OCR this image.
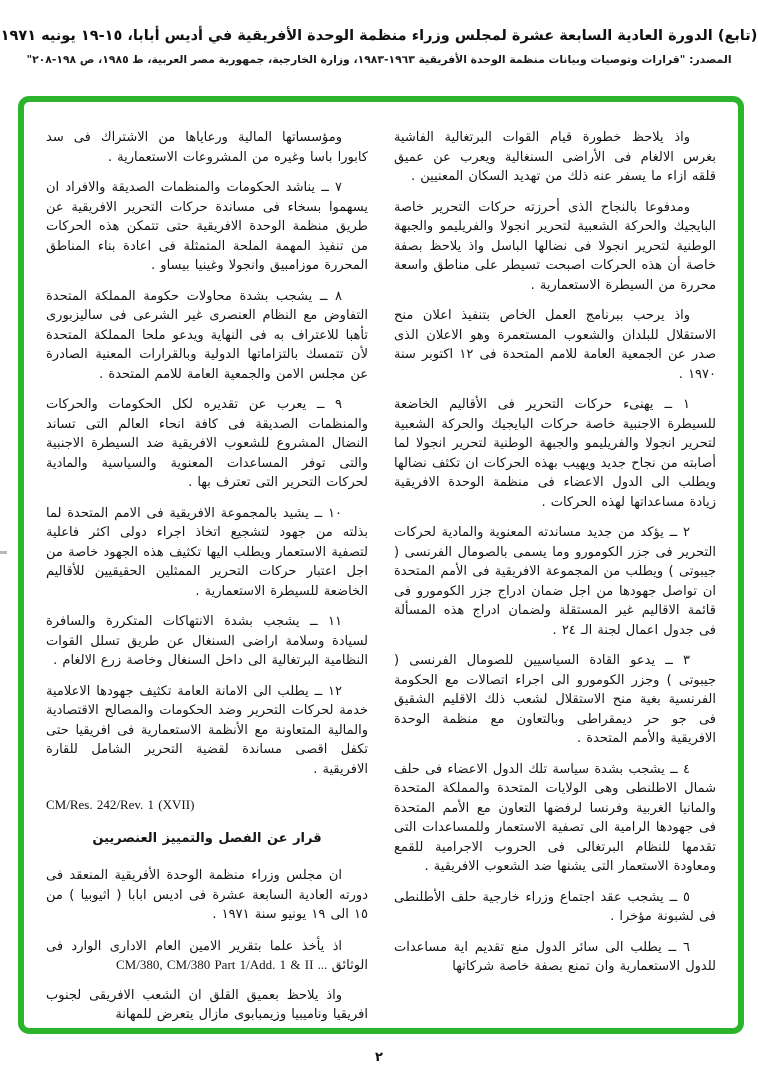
(تابع) الدورة العادية السابعة عشرة لمجلس وزراء منظمة الوحدة الأفريقية في أديس أبابا، ١٥-١٩ يونيه ١٩٧١
المصدر: "قرارات وتوصيات وبيانات منظمة الوحدة الأفريقية ١٩٦٣-١٩٨٣، وزارة الخارجية، جمهورية مصر العربية، ط ١٩٨٥، ص ١٩٨-٢٠٨"

واذ يلاحظ خطورة قيام القوات البرتغالية الفاشية بغرس الالغام فى الأراضى السنغالية ويعرب عن عميق قلقه ازاء ما يسفر عنه ذلك من تهديد السكان المعنيين .

ومدفوعا بالنجاح الذى أحرزته حركات التحرير خاصة البايجيك والحركة الشعبية لتحرير انجولا والفريليمو والجبهة الوطنية لتحرير انجولا فى نضالها الباسل واذ يلاحظ بصفة خاصة أن هذه الحركات اصبحت تسيطر على مناطق واسعة محررة من السيطرة الاستعمارية .

واذ يرحب ببرنامج العمل الخاص بتنفيذ اعلان منح الاستقلال للبلدان والشعوب المستعمرة وهو الاعلان الذى صدر عن الجمعية العامة للامم المتحدة فى ١٢ اكتوبر سنة ١٩٧٠ .

١ ــ يهنىء حركات التحرير فى الأقاليم الخاضعة للسيطرة الاجنبية خاصة حركات البايجيك والحركة الشعبية لتحرير انجولا والفريليمو والجبهة الوطنية لتحرير انجولا لما أصابته من نجاح جديد ويهيب بهذه الحركات ان تكثف نضالها ويطلب الى الدول الاعضاء فى منظمة الوحدة الافريقية زيادة مساعداتها لهذه الحركات .

٢ ــ يؤكد من جديد مساندته المعنوية والمادية لحركات التحرير فى جزر الكومورو وما يسمى بالصومال الفرنسى ( جيبوتى ) ويطلب من المجموعة الافريقية فى الأمم المتحدة ان تواصل جهودها من اجل ضمان ادراج جزر الكومورو فى قائمة الاقاليم غير المستقلة ولضمان ادراج هذه المسألة فى جدول اعمال لجنة الـ ٢٤ .

٣ ــ يدعو القادة السياسيين للصومال الفرنسى ( جيبوتى ) وجزر الكومورو الى اجراء اتصالات مع الحكومة الفرنسية بغية منح الاستقلال لشعب ذلك الاقليم الشقيق فى جو حر ديمقراطى وبالتعاون مع منظمة الوحدة الافريقية والأمم المتحدة .

٤ ــ يشجب بشدة سياسة تلك الدول الاعضاء فى حلف شمال الاطلنطى وهى الولايات المتحدة والمملكة المتحدة والمانيا الغربية وفرنسا لرفضها التعاون مع الأمم المتحدة فى جهودها الرامية الى تصفية الاستعمار وللمساعدات التى تقدمها للنظام البرتغالى فى الحروب الاجرامية للقمع ومعاودة الاستعمار التى يشنها ضد الشعوب الافريقية .

٥ ــ يشجب عقد اجتماع وزراء خارجية حلف الأطلنطى فى لشبونة مؤخرا .

٦ ــ يطلب الى سائر الدول منع تقديم اية مساعدات للدول الاستعمارية وان تمنع بصفة خاصة شركاتها

ومؤسساتها المالية ورعاياها من الاشتراك فى سد كابورا باسا وغيره من المشروعات الاستعمارية .

٧ ــ يناشد الحكومات والمنظمات الصديقة والافراد ان يسهموا بسخاء فى مساندة حركات التحرير الافريقية عن طريق منظمة الوحدة الافريقية حتى تتمكن هذه الحركات من تنفيذ المهمة الملحة المتمثلة فى اعادة بناء المناطق المحررة موزامبيق وانجولا وغينيا بيساو .

٨ ــ يشجب بشدة محاولات حكومة المملكة المتحدة التفاوض مع النظام العنصرى غير الشرعى فى ساليزبورى تأهبا للاعتراف به فى النهاية ويدعو ملحا المملكة المتحدة لأن تتمسك بالتزاماتها الدولية وبالقرارات المعنية الصادرة عن مجلس الامن والجمعية العامة للامم المتحدة .

٩ ــ يعرب عن تقديره لكل الحكومات والحركات والمنظمات الصديقة فى كافة انحاء العالم التى تساند النضال المشروع للشعوب الافريقية ضد السيطرة الاجنبية والتى توفر المساعدات المعنوية والسياسية والمادية لحركات التحرير التى تعترف بها .

١٠ ــ يشيد بالمجموعة الافريقية فى الامم المتحدة لما بذلته من جهود لتشجيع اتخاذ اجراء دولى اكثر فاعلية لتصفية الاستعمار ويطلب اليها تكثيف هذه الجهود خاصة من اجل اعتبار حركات التحرير الممثلين الحقيقيين للأقاليم الخاضعة للسيطرة الاستعمارية .

١١ ــ يشجب بشدة الانتهاكات المتكررة والسافرة لسيادة وسلامة اراضى السنغال عن طريق تسلل القوات النظامية البرتغالية الى داخل السنغال وخاصة زرع الالغام .

١٢ ــ يطلب الى الامانة العامة تكثيف جهودها الاعلامية خدمة لحركات التحرير وضد الحكومات والمصالح الاقتصادية والمالية المتعاونة مع الأنظمة الاستعمارية فى افريقيا حتى تكفل اقصى مساندة لقضية التحرير الشامل للقارة الافريقية .

CM/Res. 242/Rev. 1 (XVII)

قرار عن الفصل والتمييز العنصريين

ان مجلس وزراء منظمة الوحدة الأفريقية المنعقد فى دورته العادية السابعة عشرة فى اديس ابابا ( اثيوبيا ) من ١٥ الى ١٩ يونيو سنة ١٩٧١ .

اذ يأخذ علما بتقرير الامين العام الادارى الوارد فى الوثائق ... CM/380, CM/380 Part 1/Add. 1 & II

واذ يلاحظ بعميق القلق ان الشعب الافريقى لجنوب افريقيا وناميبيا وزيمبابوى مازال يتعرض للمهانة

٢
